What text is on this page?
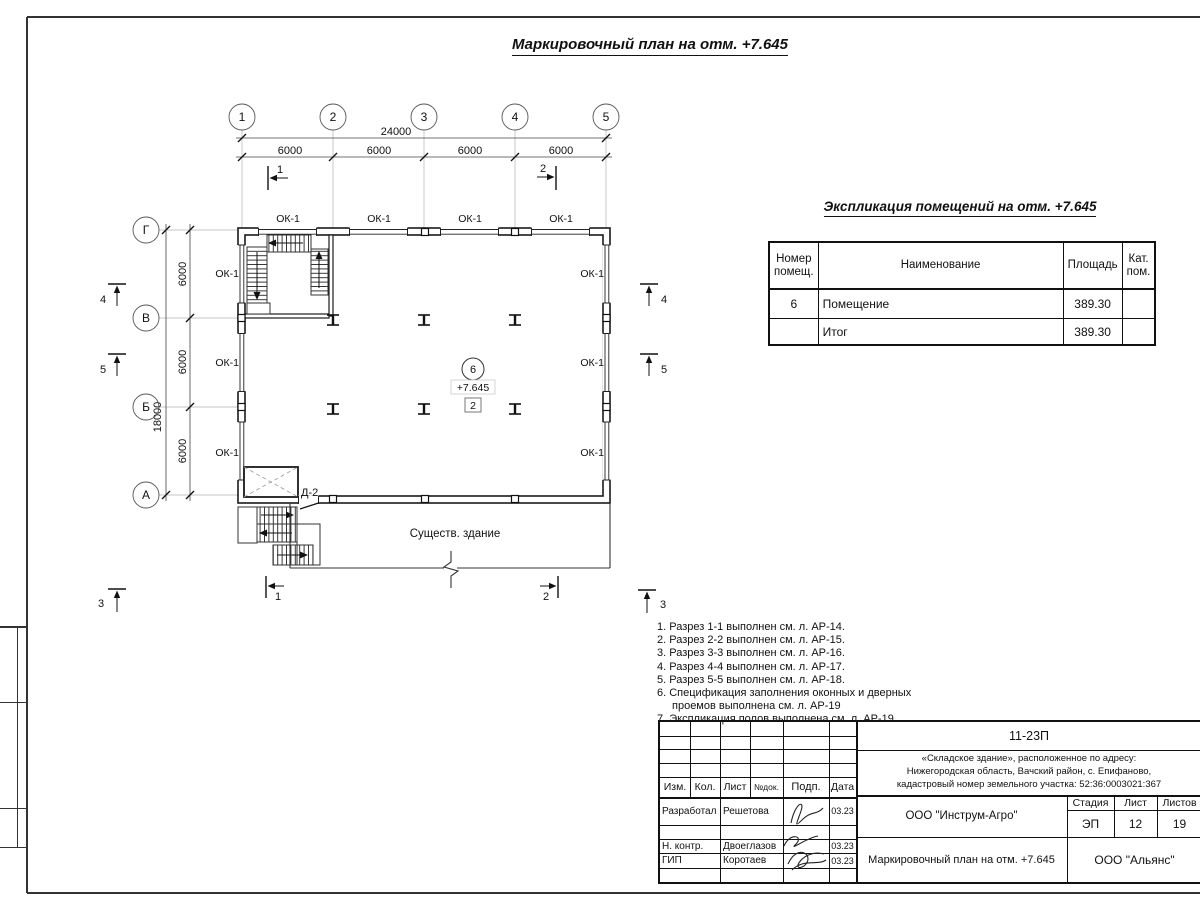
24000
6000	6000	6000	6000
6000
6000
6000
18000
1	2	3	4	5
Г
В
Б
А
ОК-1	ОК-1	ОК-1	ОК-1
ОК-1
ОК-1
ОК-1
ОК-1
ОК-1
ОК-1
Д-2
6
+7.645
2
Существ. здание
1	2
1	2
4
5
4
5
3	3
Маркировочный план на отм. +7.645
Экспликация помещений на отм. +7.645
Номер помещ.	Наименование	Площадь	Кат. пом.
6	Помещение	389.30	
	Итог	389.30	
1. Разрез 1-1 выполнен см. л. АР-14.
2. Разрез 2-2 выполнен см. л. АР-15.
3. Разрез 3-3 выполнен см. л. АР-16.
4. Разрез 4-4 выполнен см. л. АР-17.
5. Разрез 5-5 выполнен см. л. АР-18.
6. Спецификация заполнения оконных и дверных проемов выполнена см. л. АР-19
7. Экспликация полов выполнена см. л. АР-19.
Изм. Кол. Лист №док.	Подп. Дата
Разработал Решетова	03.23
Н. контр.	Двоеглазов	03.23
ГИП	Коротаев	03.23
11-23П
«Складское здание», расположенное по адресу:
Нижегородская область, Вачский район, с. Епифаново,
кадастровый номер земельного участка: 52:36:0003021:367
ООО "Инструм-Агро"
Маркировочный план на отм. +7.645
Стадия	Лист	Листов
ЭП	12	19
ООО "Альянс"
